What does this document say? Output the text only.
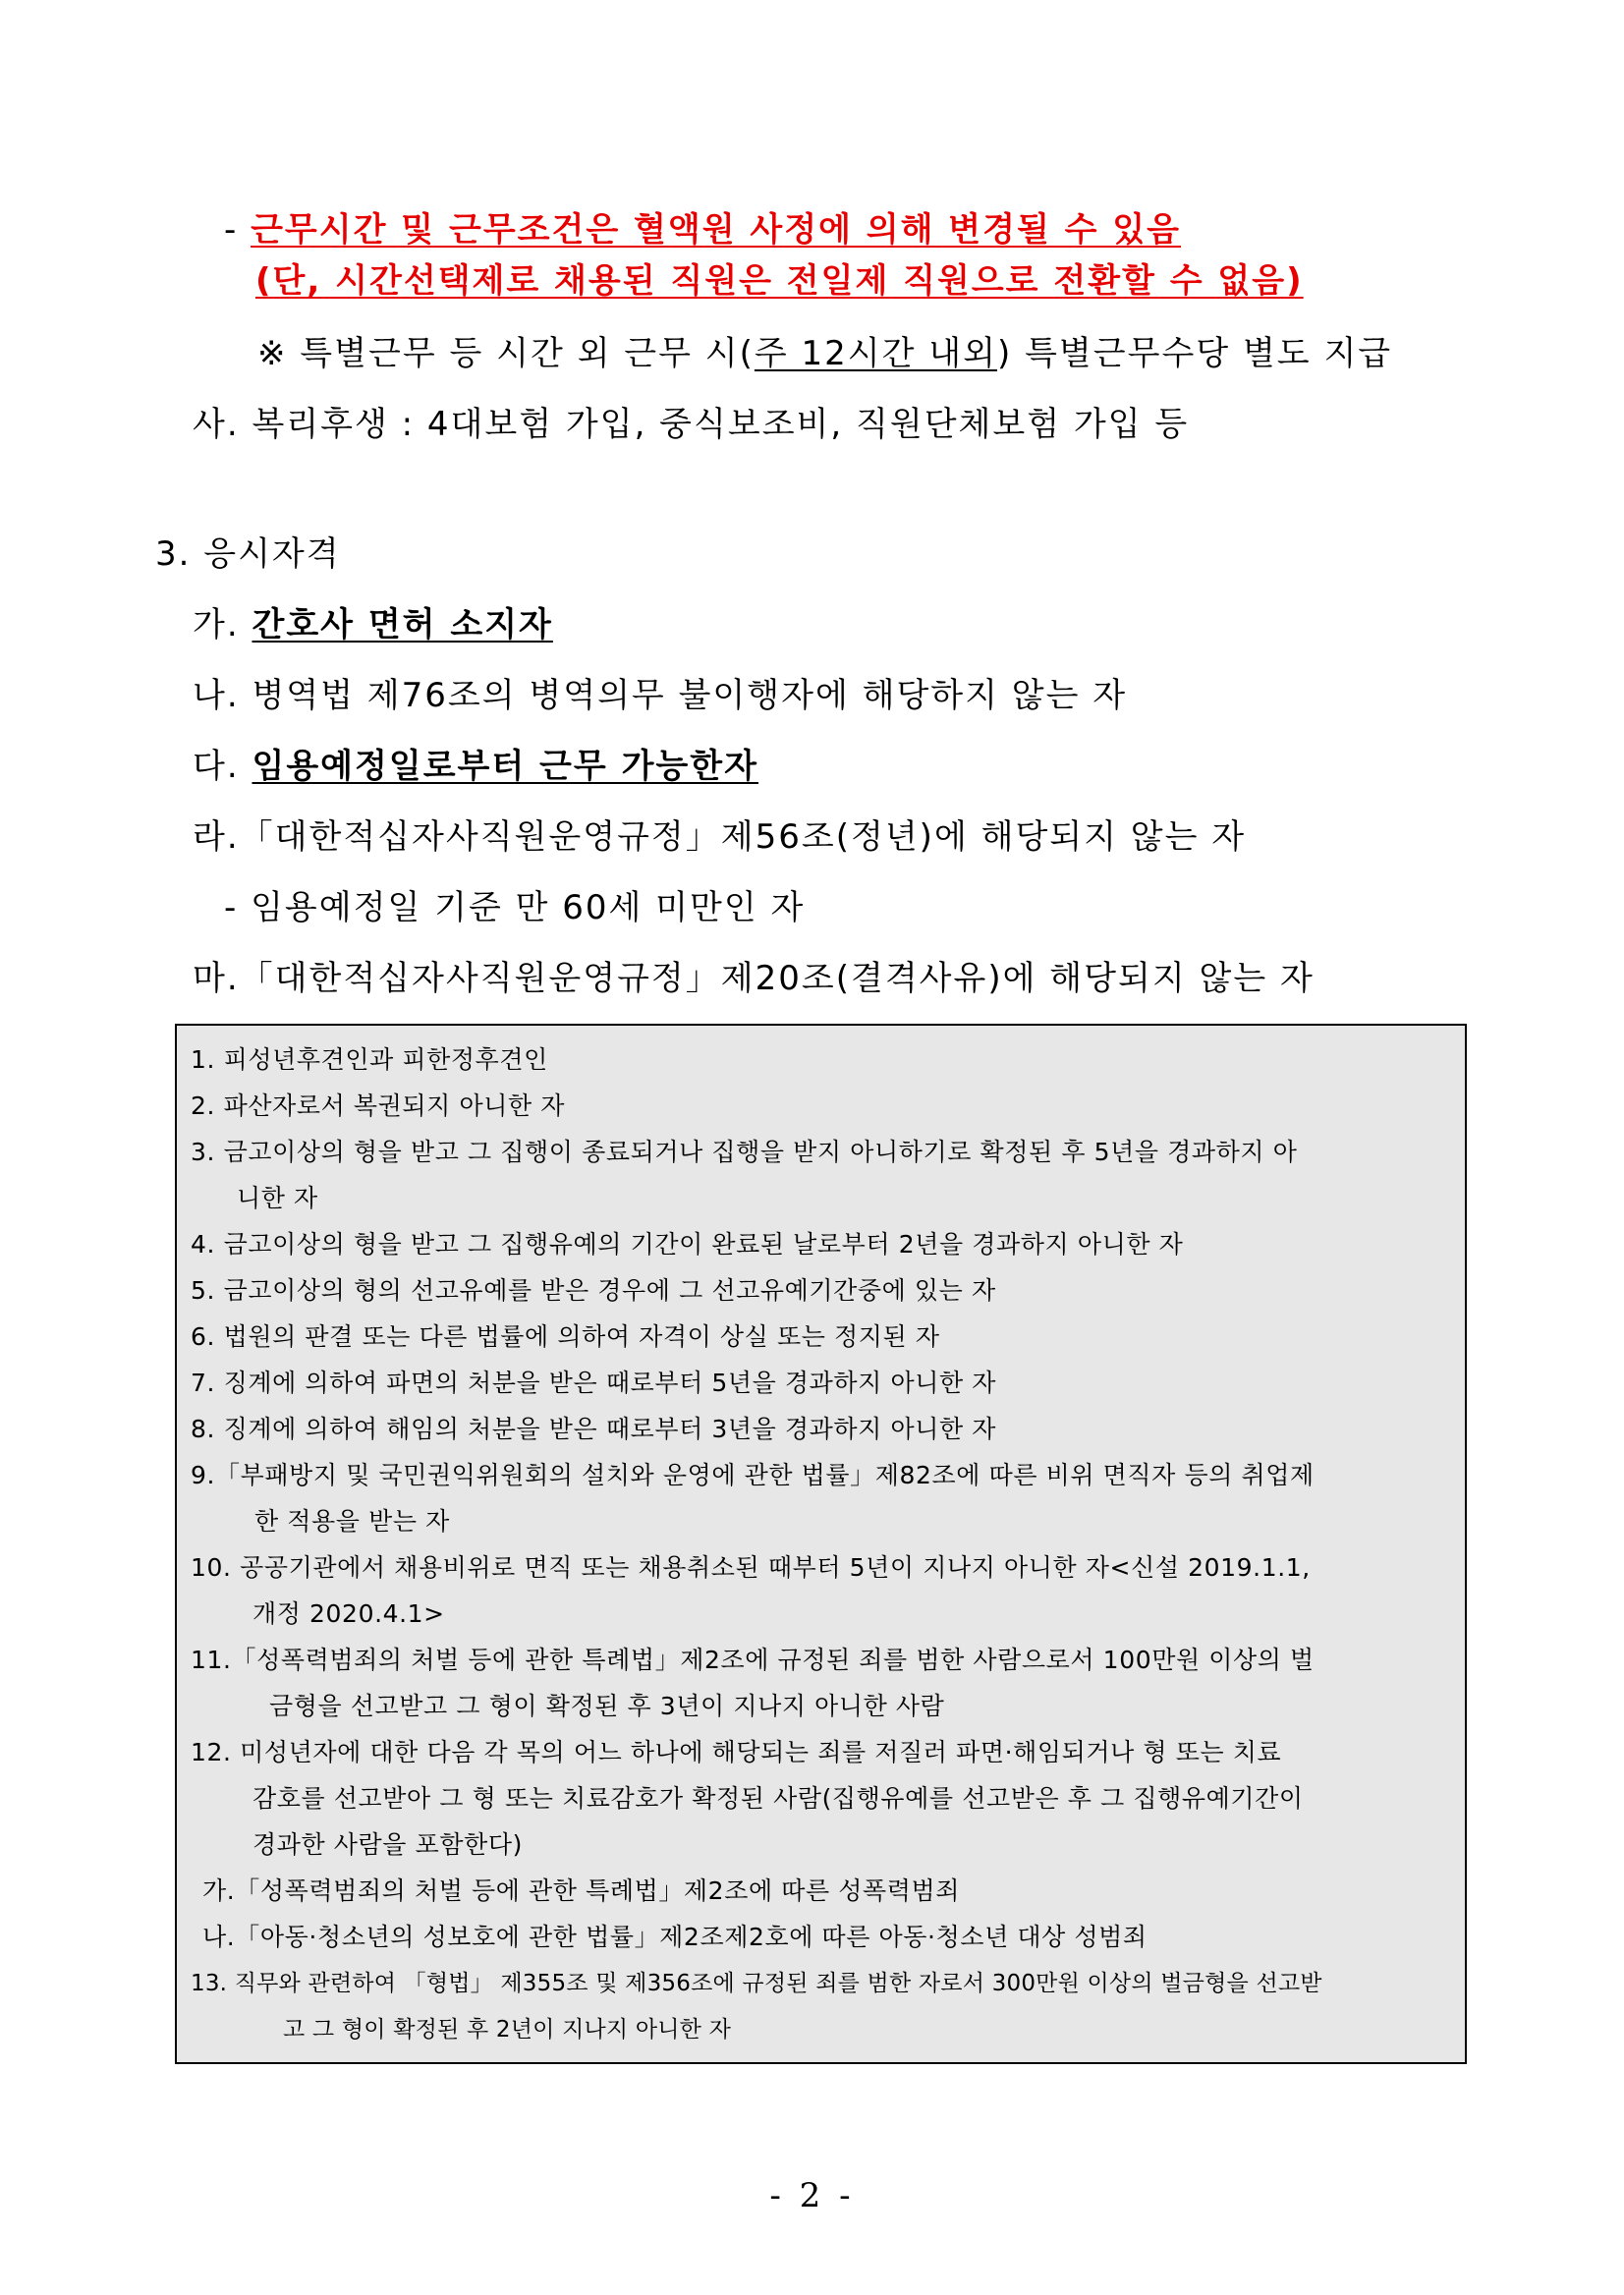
- 근무시간 및 근무조건은 혈액원 사정에 의해 변경될 수 있음
(단, 시간선택제로 채용된 직원은 전일제 직원으로 전환할 수 없음)
※ 특별근무 등 시간 외 근무 시(주 12시간 내외) 특별근무수당 별도 지급
사. 복리후생 : 4대보험 가입, 중식보조비, 직원단체보험 가입 등
3. 응시자격
가. 간호사 면허 소지자
나. 병역법 제76조의 병역의무 불이행자에 해당하지 않는 자
다. 임용예정일로부터 근무 가능한자
라.「대한적십자사직원운영규정」제56조(정년)에 해당되지 않는 자
- 임용예정일 기준 만 60세 미만인 자
마.「대한적십자사직원운영규정」제20조(결격사유)에 해당되지 않는 자
1. 피성년후견인과 피한정후견인
2. 파산자로서 복권되지 아니한 자
3. 금고이상의 형을 받고 그 집행이 종료되거나 집행을 받지 아니하기로 확정된 후 5년을 경과하지 아
니한 자
4. 금고이상의 형을 받고 그 집행유예의 기간이 완료된 날로부터 2년을 경과하지 아니한 자
5. 금고이상의 형의 선고유예를 받은 경우에 그 선고유예기간중에 있는 자
6. 법원의 판결 또는 다른 법률에 의하여 자격이 상실 또는 정지된 자
7. 징계에 의하여 파면의 처분을 받은 때로부터 5년을 경과하지 아니한 자
8. 징계에 의하여 해임의 처분을 받은 때로부터 3년을 경과하지 아니한 자
9.「부패방지 및 국민권익위원회의 설치와 운영에 관한 법률」제82조에 따른 비위 면직자 등의 취업제
한 적용을 받는 자
10. 공공기관에서 채용비위로 면직 또는 채용취소된 때부터 5년이 지나지 아니한 자<신설 2019.1.1,
개정 2020.4.1>
11.「성폭력범죄의 처벌 등에 관한 특례법」제2조에 규정된 죄를 범한 사람으로서 100만원 이상의 벌
금형을 선고받고 그 형이 확정된 후 3년이 지나지 아니한 사람
12. 미성년자에 대한 다음 각 목의 어느 하나에 해당되는 죄를 저질러 파면·해임되거나 형 또는 치료
감호를 선고받아 그 형 또는 치료감호가 확정된 사람(집행유예를 선고받은 후 그 집행유예기간이
경과한 사람을 포함한다)
가.「성폭력범죄의 처벌 등에 관한 특례법」제2조에 따른 성폭력범죄
나.「아동·청소년의 성보호에 관한 법률」제2조제2호에 따른 아동·청소년 대상 성범죄
13. 직무와 관련하여 「형법」 제355조 및 제356조에 규정된 죄를 범한 자로서 300만원 이상의 벌금형을 선고받
고 그 형이 확정된 후 2년이 지나지 아니한 자
- 2 -
